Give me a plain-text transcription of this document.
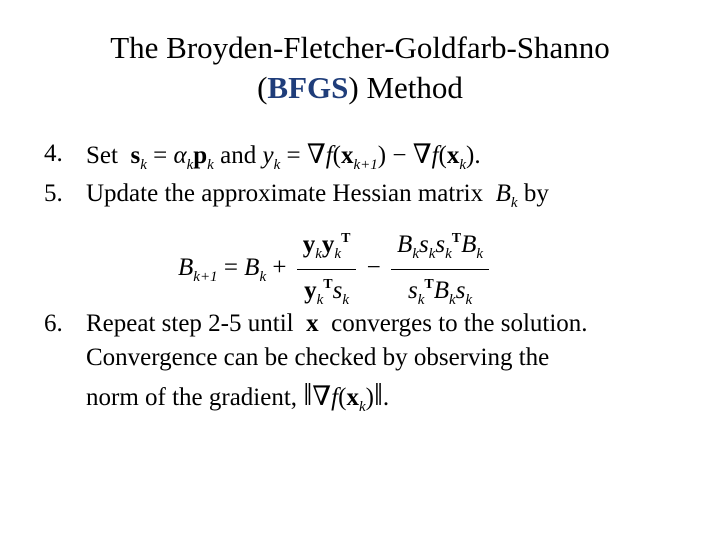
The Broyden-Fletcher-Goldfarb-Shanno
(BFGS) Method
4. Set $s_k = \alpha_kp_k$ and $y_k = \nabla f(x_{k+1}) - \nabla f(x_k)$.
5. Update the approximate Hessian matrix $B_k$ by
$B_{k+1} = B_k + \frac{y_ky_k^T}{y_k^Ts_k} - \frac{B_ks_ks_k^TB_k}{s_k^TB_ks_k}$
6. Repeat step 2-5 until  x  converges to the solution.
Convergence can be checked by observing the
norm of the gradient, $‖\nabla f(x_k)‖$.
